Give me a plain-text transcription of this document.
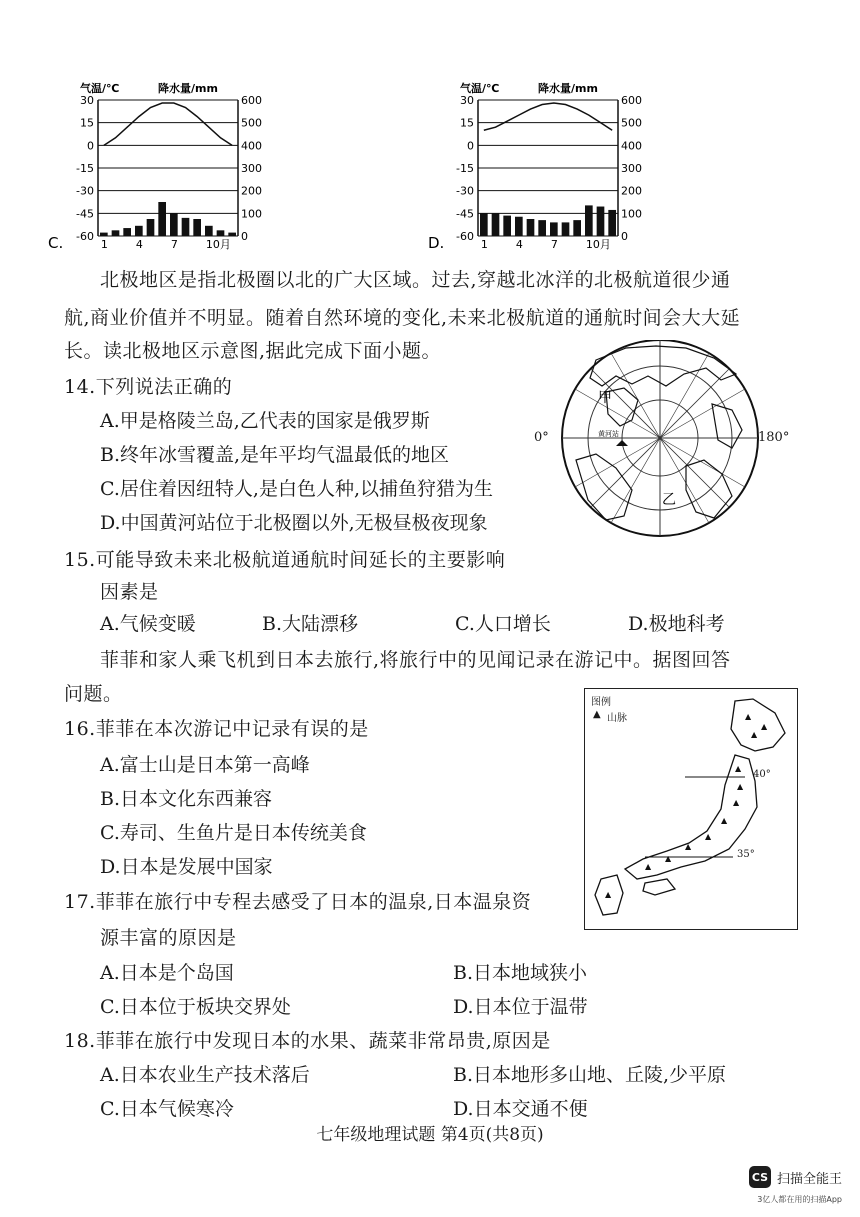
C.
气温/℃	降水量/mm
30	600
15	500
0	400
-15	300
-30	200
-45	100
-60	0
1	4	7	10月	D.
气温/℃	降水量/mm
30	600
15	500
0	400
-15	300
-30	200
-45	100
-60	0
1	4	7	10月
北极地区是指北极圈以北的广大区域。过去,穿越北冰洋的北极航道很少通
航,商业价值并不明显。随着自然环境的变化,未来北极航道的通航时间会大大延
长。读北极地区示意图,据此完成下面小题。
14.下列说法正确的
A.甲是格陵兰岛,乙代表的国家是俄罗斯
B.终年冰雪覆盖,是年平均气温最低的地区
C.居住着因纽特人,是白色人种,以捕鱼狩猎为生
D.中国黄河站位于北极圈以外,无极昼极夜现象
黄河站
甲
乙
0°	180°
15.可能导致未来北极航道通航时间延长的主要影响
因素是
A.气候变暖	B.大陆漂移	C.人口增长	D.极地科考
菲菲和家人乘飞机到日本去旅行,将旅行中的见闻记录在游记中。据图回答
问题。	图例
▲ 山脉	▲
▲
▲
▲
▲
▲
▲
▲
▲
▲
▲
▲
40°
35°
16.菲菲在本次游记中记录有误的是
A.富士山是日本第一高峰
B.日本文化东西兼容
C.寿司、生鱼片是日本传统美食
D.日本是发展中国家
17.菲菲在旅行中专程去感受了日本的温泉,日本温泉资
源丰富的原因是
A.日本是个岛国	B.日本地域狭小
C.日本位于板块交界处	D.日本位于温带
18.菲菲在旅行中发现日本的水果、蔬菜非常昂贵,原因是
A.日本农业生产技术落后	B.日本地形多山地、丘陵,少平原
C.日本气候寒冷	D.日本交通不便
七年级地理试题 第4页(共8页)
CS 扫描全能王
3亿人都在用的扫描App
